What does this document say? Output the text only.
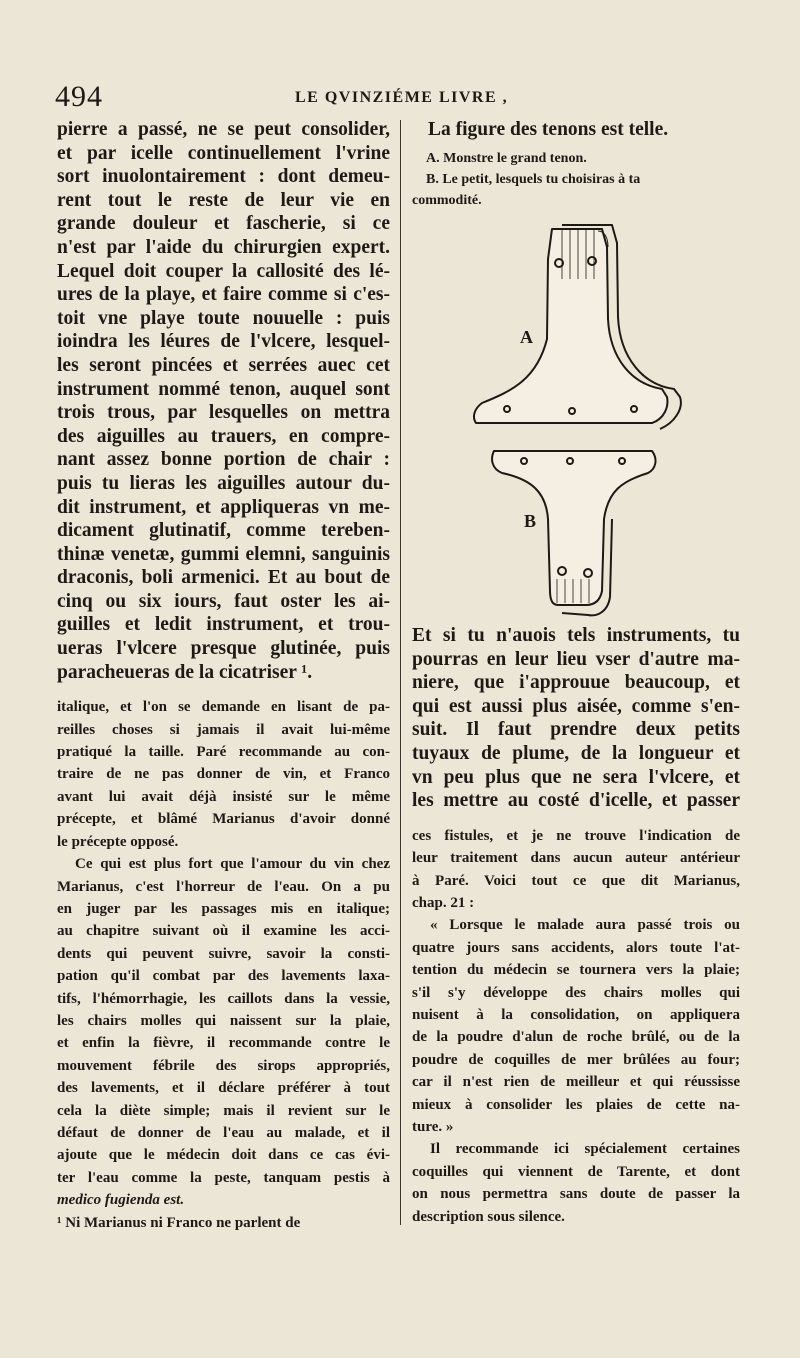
494	LE QVINZIÉME LIVRE ,
pierre a passé, ne se peut consolider,
et par icelle continuellement l'vrine
sort inuolontairement : dont demeu-
rent tout le reste de leur vie en
grande douleur et fascherie, si ce
n'est par l'aide du chirurgien expert.
Lequel doit couper la callosité des lé-
ures de la playe, et faire comme si c'es-
toit vne playe toute nouuelle : puis
ioindra les léures de l'vlcere, lesquel-
les seront pincées et serrées auec cet
instrument nommé tenon, auquel sont
trois trous, par lesquelles on mettra
des aiguilles au trauers, en compre-
nant assez bonne portion de chair :
puis tu lieras les aiguilles autour du-
dit instrument, et appliqueras vn me-
dicament glutinatif, comme tereben-
thinæ venetæ, gummi elemni, sanguinis
draconis, boli armenici. Et au bout de
cinq ou six iours, faut oster les ai-
guilles et ledit instrument, et trou-
ueras l'vlcere presque glutinée, puis
paracheueras de la cicatriser ¹.

italique, et l'on se demande en lisant de pa-

reilles choses si jamais il avait lui-même

pratiqué la taille. Paré recommande au con-

traire de ne pas donner de vin, et Franco

avant lui avait déjà insisté sur le même

précepte, et blâmé Marianus d'avoir donné

le précepte opposé.

Ce qui est plus fort que l'amour du vin chez

Marianus, c'est l'horreur de l'eau. On a pu

en juger par les passages mis en italique;

au chapitre suivant où il examine les acci-

dents qui peuvent suivre, savoir la consti-

pation qu'il combat par des lavements laxa-

tifs, l'hémorrhagie, les caillots dans la vessie,

les chairs molles qui naissent sur la plaie,

et enfin la fièvre, il recommande contre le

mouvement fébrile des sirops appropriés,

des lavements, et il déclare préférer à tout

cela la diète simple; mais il revient sur le

défaut de donner de l'eau au malade, et il

ajoute que le médecin doit dans ce cas évi-

ter l'eau comme la peste, tanquam pestis à

medico fugienda est.

¹ Ni Marianus ni Franco ne parlent de

La figure des tenons est telle.

A. Monstre le grand tenon.

B. Le petit, lesquels tu choisiras à ta

commodité.

A
B
Et si tu n'auois tels instruments, tu
pourras en leur lieu vser d'autre ma-
niere, que i'approuue beaucoup, et
qui est aussi plus aisée, comme s'en-
suit. Il faut prendre deux petits
tuyaux de plume, de la longueur et
vn peu plus que ne sera l'vlcere, et
les mettre au costé d'icelle, et passer

ces fistules, et je ne trouve l'indication de

leur traitement dans aucun auteur antérieur

à Paré. Voici tout ce que dit Marianus,

chap. 21 :

« Lorsque le malade aura passé trois ou

quatre jours sans accidents, alors toute l'at-

tention du médecin se tournera vers la plaie;

s'il s'y développe des chairs molles qui

nuisent à la consolidation, on appliquera

de la poudre d'alun de roche brûlé, ou de la

poudre de coquilles de mer brûlées au four;

car il n'est rien de meilleur et qui réussisse

mieux à consolider les plaies de cette na-

ture. »

Il recommande ici spécialement certaines

coquilles qui viennent de Tarente, et dont

on nous permettra sans doute de passer la

description sous silence.
